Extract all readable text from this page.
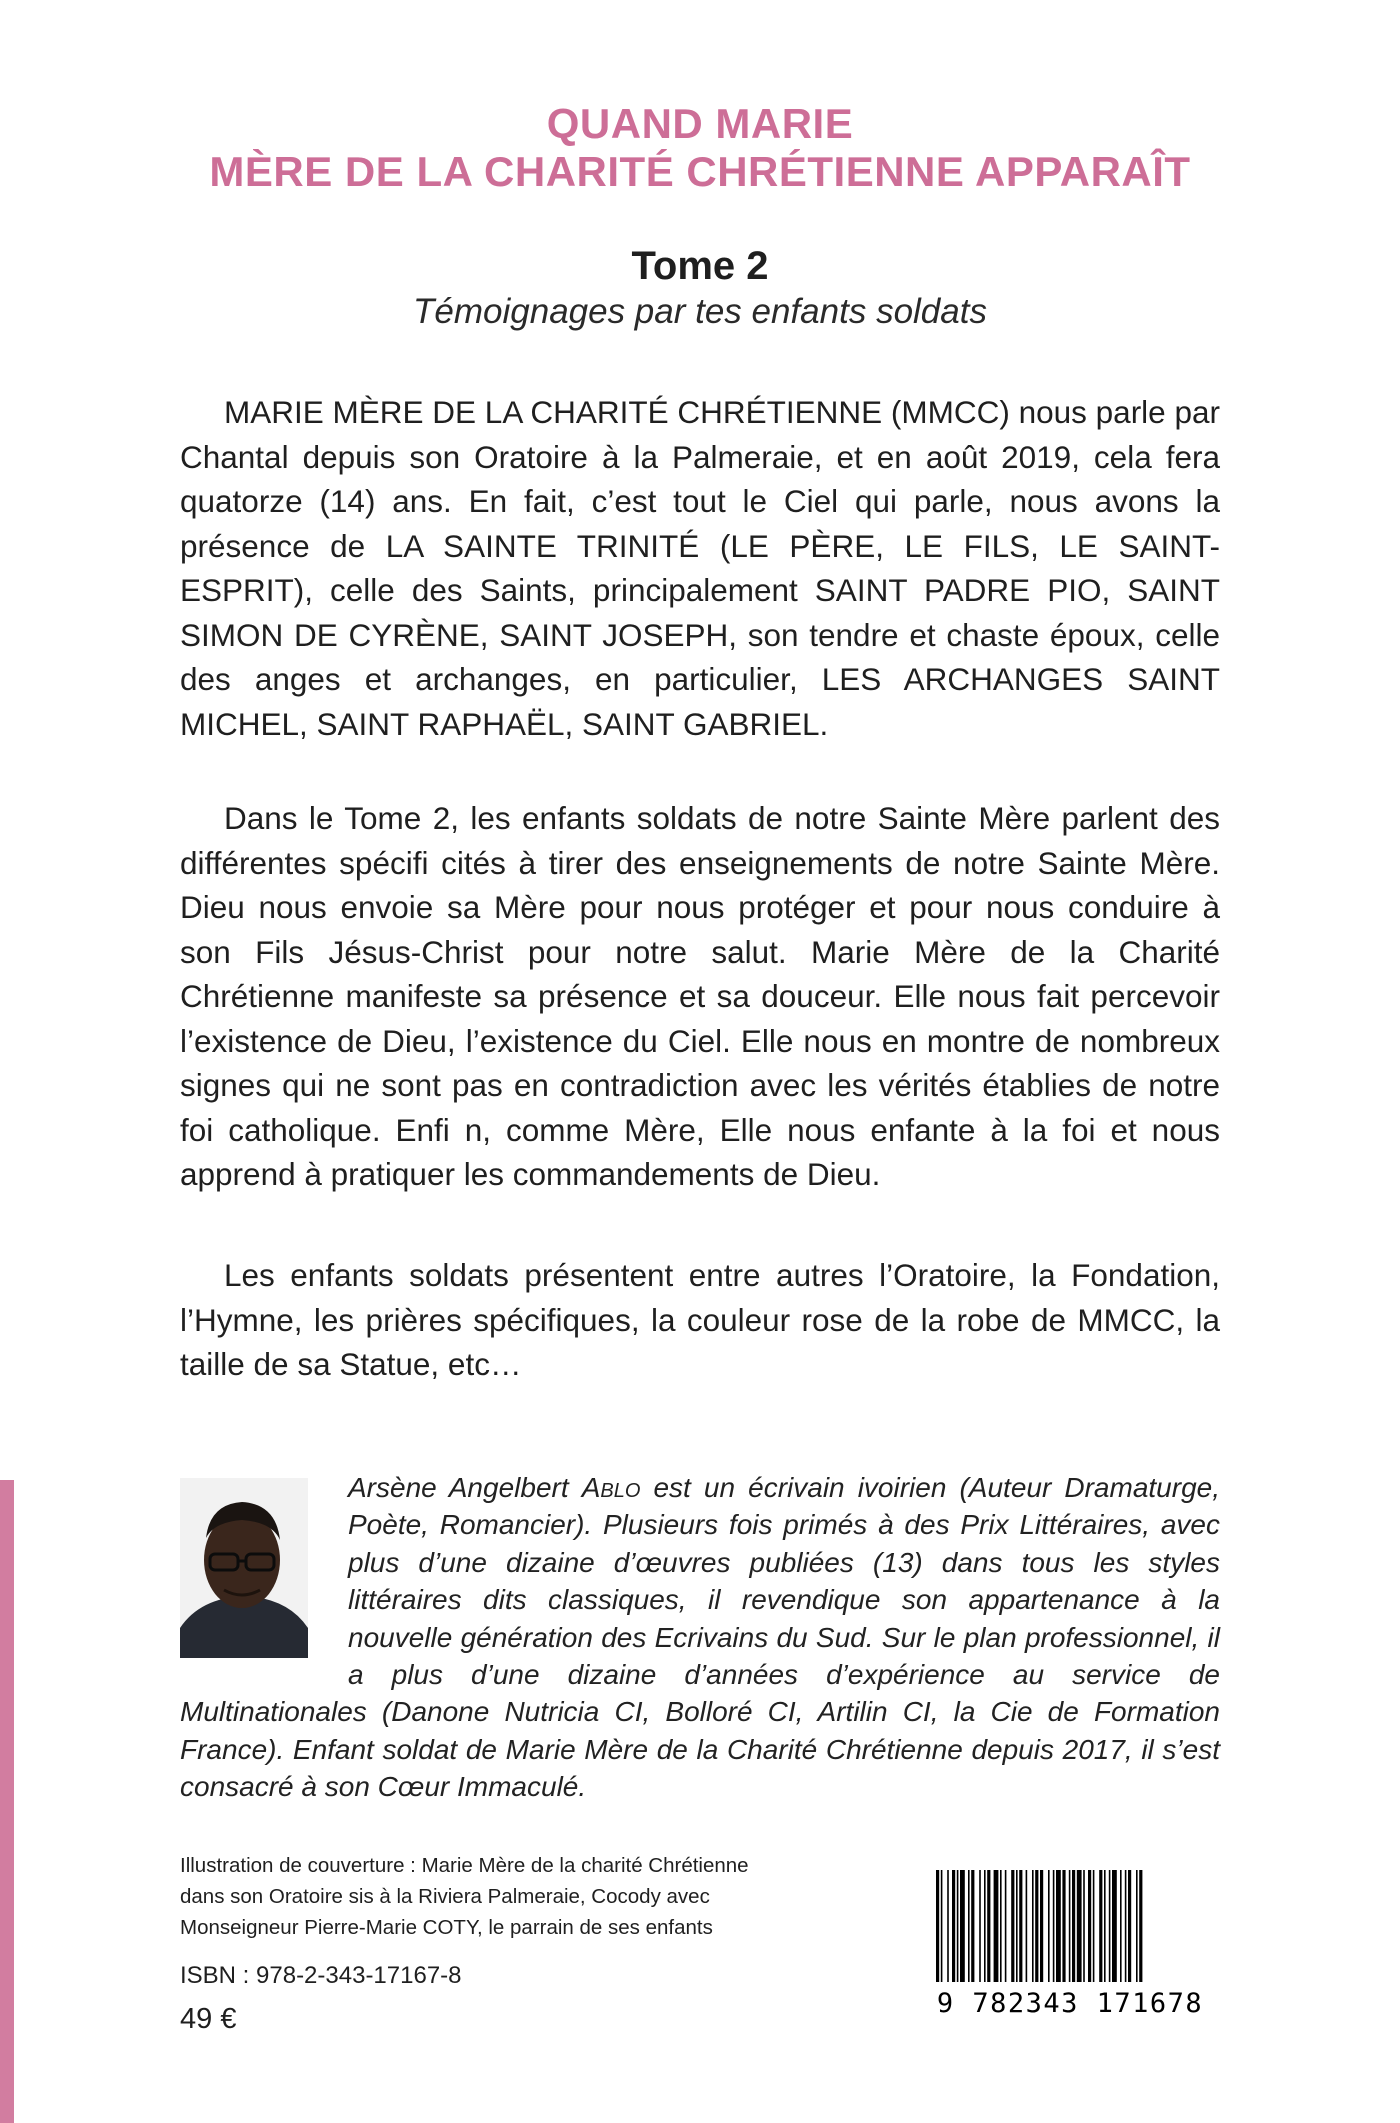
QUAND MARIE
MÈRE DE LA CHARITÉ CHRÉTIENNE APPARAÎT
Tome 2
Témoignages par tes enfants soldats

MARIE MÈRE DE LA CHARITÉ CHRÉTIENNE (MMCC) nous parle par Chantal depuis son Oratoire à la Palmeraie, et en août 2019, cela fera quatorze (14) ans. En fait, c’est tout le Ciel qui parle, nous avons la présence de LA SAINTE TRINITÉ (LE PÈRE, LE FILS, LE SAINT-ESPRIT), celle des Saints, principalement SAINT PADRE PIO, SAINT SIMON DE CYRÈNE, SAINT JOSEPH, son tendre et chaste époux, celle des anges et archanges, en particulier, LES ARCHANGES SAINT MICHEL, SAINT RAPHAËL, SAINT GABRIEL.

Dans le Tome 2, les enfants soldats de notre Sainte Mère parlent des différentes spécifi cités à tirer des enseignements de notre Sainte Mère. Dieu nous envoie sa Mère pour nous protéger et pour nous conduire à son Fils Jésus-Christ pour notre salut. Marie Mère de la Charité Chrétienne manifeste sa présence et sa douceur. Elle nous fait percevoir l’existence de Dieu, l’existence du Ciel. Elle nous en montre de nombreux signes qui ne sont pas en contradiction avec les vérités établies de notre foi catholique. Enfi n, comme Mère, Elle nous enfante à la foi et nous apprend à pratiquer les commandements de Dieu.

Les enfants soldats présentent entre autres l’Oratoire, la Fondation, l’Hymne, les prières spécifiques, la couleur rose de la robe de MMCC, la taille de sa Statue, etc…

Arsène Angelbert Ablo est un écrivain ivoirien (Auteur Dramaturge, Poète, Romancier). Plusieurs fois primés à des Prix Littéraires, avec plus d’une dizaine d’œuvres publiées (13) dans tous les styles littéraires dits classiques, il revendique son appartenance à la nouvelle génération des Ecrivains du Sud. Sur le plan professionnel, il a plus d’une dizaine d’années d’expérience au service de Multinationales (Danone Nutricia CI, Bolloré CI, Artilin CI, la Cie de Formation France). Enfant soldat de Marie Mère de la Charité Chrétienne depuis 2017, il s’est consacré à son Cœur Immaculé.

Illustration de couverture : Marie Mère de la charité Chrétienne
dans son Oratoire sis à la Riviera Palmeraie, Cocody avec
Monseigneur Pierre-Marie COTY, le parrain de ses enfants
ISBN : 978-2-343-17167-8
49 €	9 782343 171678
